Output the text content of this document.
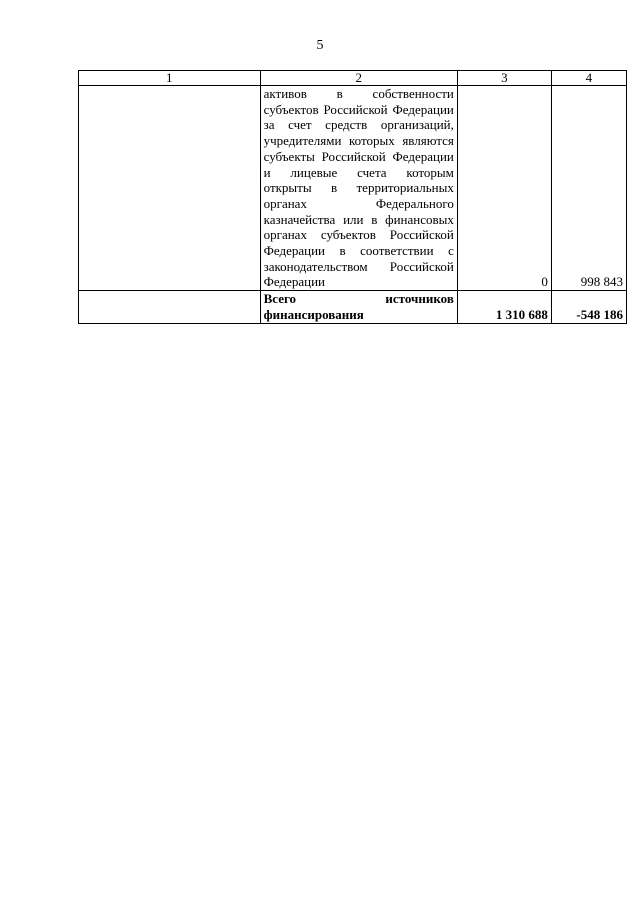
5
1	2	3	4
	активов в собственности субъектов Российской Федерации за счет средств организаций, учредителями которых являются субъекты Российской Федерации и лицевые счета которым открыты в территориальных органах Федерального казначейства или в финансовых органах субъектов Российской Федерации в соответствии с законодательством Российской Федерации	0	998 843
	Всего источников финансирования	1 310 688	-548 186
